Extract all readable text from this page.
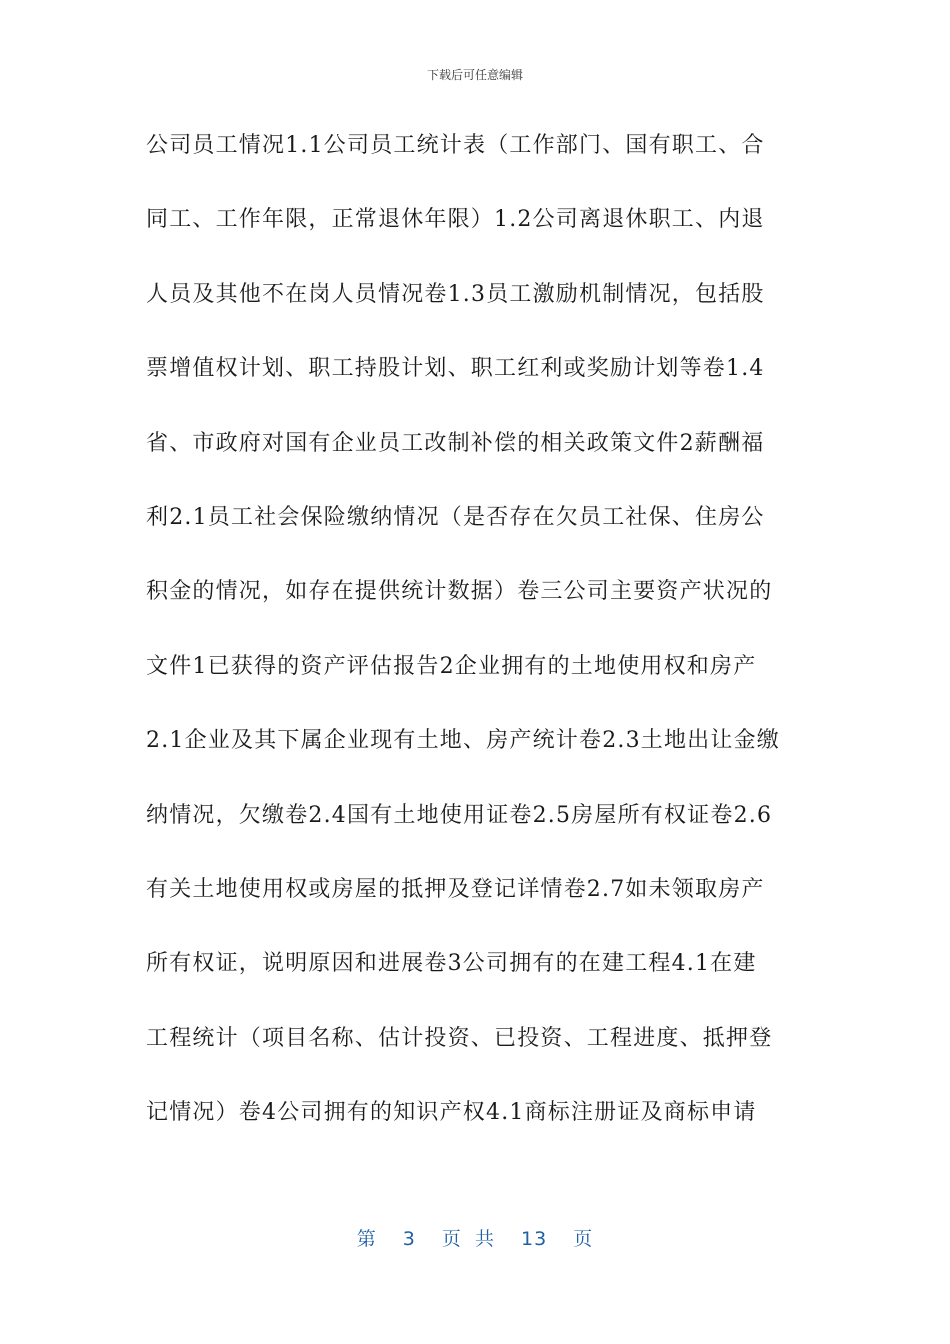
下载后可任意编辑
公司员工情况1.1公司员工统计表（工作部门、国有职工、合
同工、工作年限，正常退休年限）1.2公司离退休职工、内退
人员及其他不在岗人员情况卷1.3员工激励机制情况，包括股
票增值权计划、职工持股计划、职工红利或奖励计划等卷1.4
省、市政府对国有企业员工改制补偿的相关政策文件2薪酬福
利2.1员工社会保险缴纳情况（是否存在欠员工社保、住房公
积金的情况，如存在提供统计数据）卷三公司主要资产状况的
文件1已获得的资产评估报告2企业拥有的土地使用权和房产
2.1企业及其下属企业现有土地、房产统计卷2.3土地出让金缴
纳情况，欠缴卷2.4国有土地使用证卷2.5房屋所有权证卷2.6
有关土地使用权或房屋的抵押及登记详情卷2.7如未领取房产
所有权证，说明原因和进展卷3公司拥有的在建工程4.1在建
工程统计（项目名称、估计投资、已投资、工程进度、抵押登
记情况）卷4公司拥有的知识产权4.1商标注册证及商标申请
第  3  页 共  13  页
